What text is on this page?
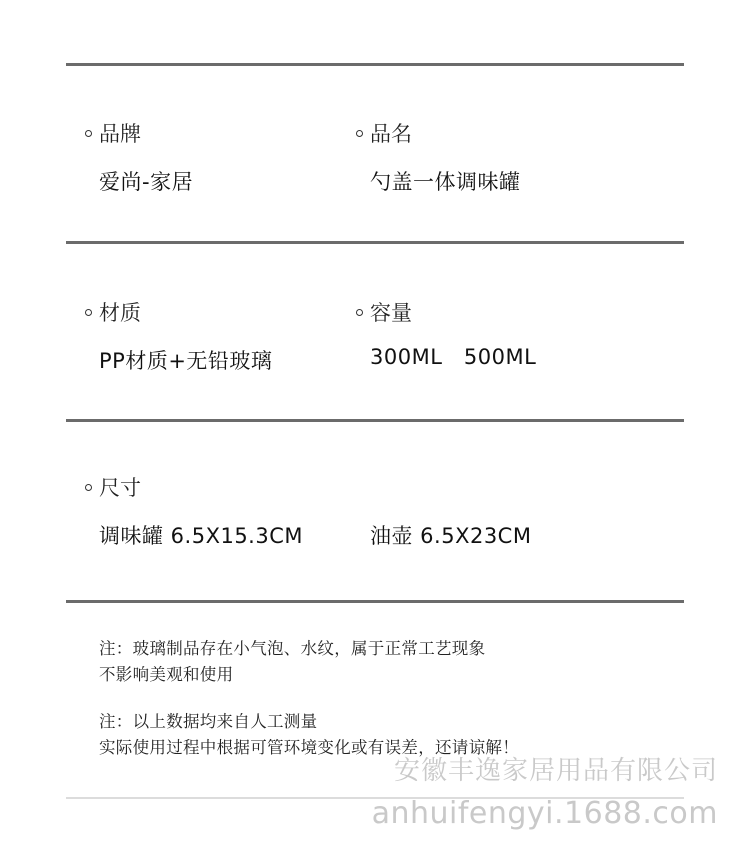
品牌
爱尚-家居
品名
勺盖一体调味罐
材质
PP材质+无铅玻璃
容量
300ML   500ML
尺寸
调味罐 6.5X15.3CM	油壶 6.5X23CM
注：玻璃制品存在小气泡、水纹，属于正常工艺现象
不影响美观和使用
注：以上数据均来自人工测量
实际使用过程中根据可管环境变化或有误差，还请谅解！
安徽丰逸家居用品有限公司
anhuifengyi.1688.com
